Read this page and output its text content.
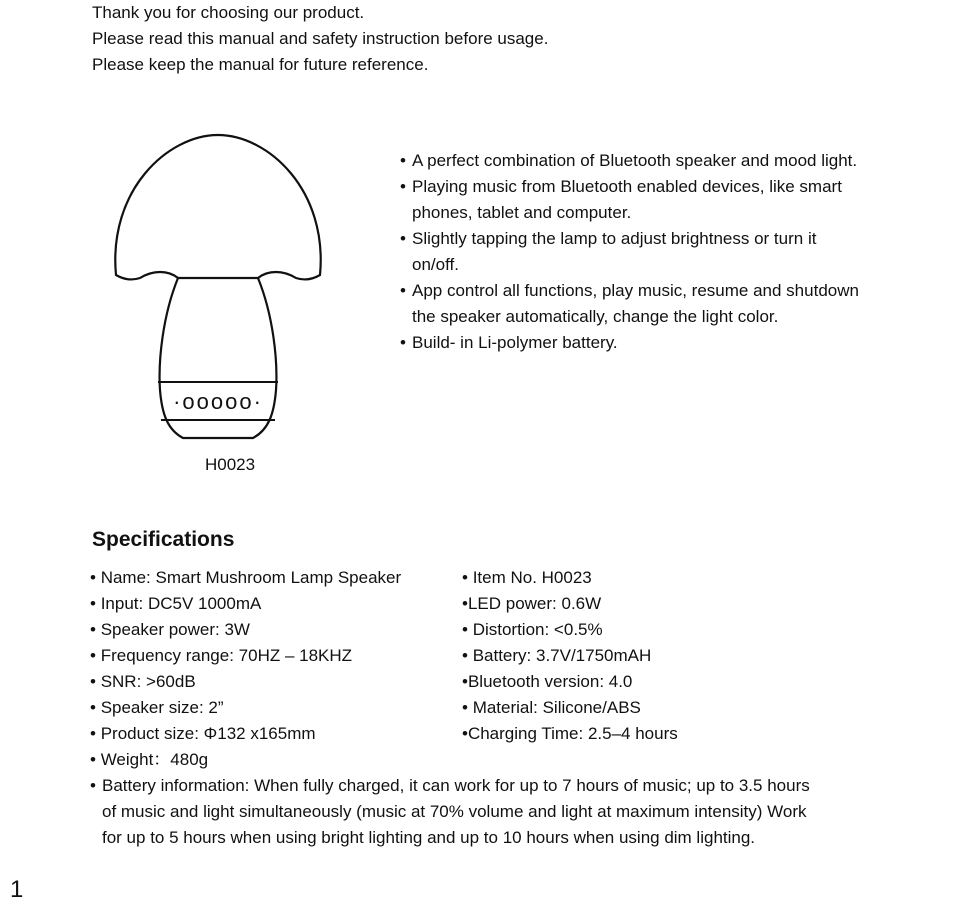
Thank you for choosing our product.
Please read this manual and safety instruction before usage.
Please keep the manual for future reference.
·ooooo·
H0023
• A perfect combination of Bluetooth speaker and mood light.
• Playing music from Bluetooth enabled devices, like smart phones, tablet and computer.
• Slightly tapping the lamp to adjust brightness or turn it on/off.
• App control all functions, play music, resume and shutdown the speaker automatically, change the light color.
• Build- in Li-polymer battery.
Specifications
• Name: Smart Mushroom Lamp Speaker	• Item No. H0023
• Input: DC5V 1000mA	•LED power: 0.6W
• Speaker power: 3W	• Distortion: <0.5%
• Frequency range: 70HZ – 18KHZ	• Battery: 3.7V/1750mAH
• SNR: >60dB	•Bluetooth version: 4.0
• Speaker size: 2”	• Material: Silicone/ABS
• Product size: Φ132 x165mm	•Charging Time: 2.5–4 hours
• Weight：480g
• Battery information: When fully charged, it can work for up to 7 hours of music; up to 3.5 hours
of music and light simultaneously (music at 70% volume and light at maximum intensity) Work
for up to 5 hours when using bright lighting and up to 10 hours when using dim lighting.
1
